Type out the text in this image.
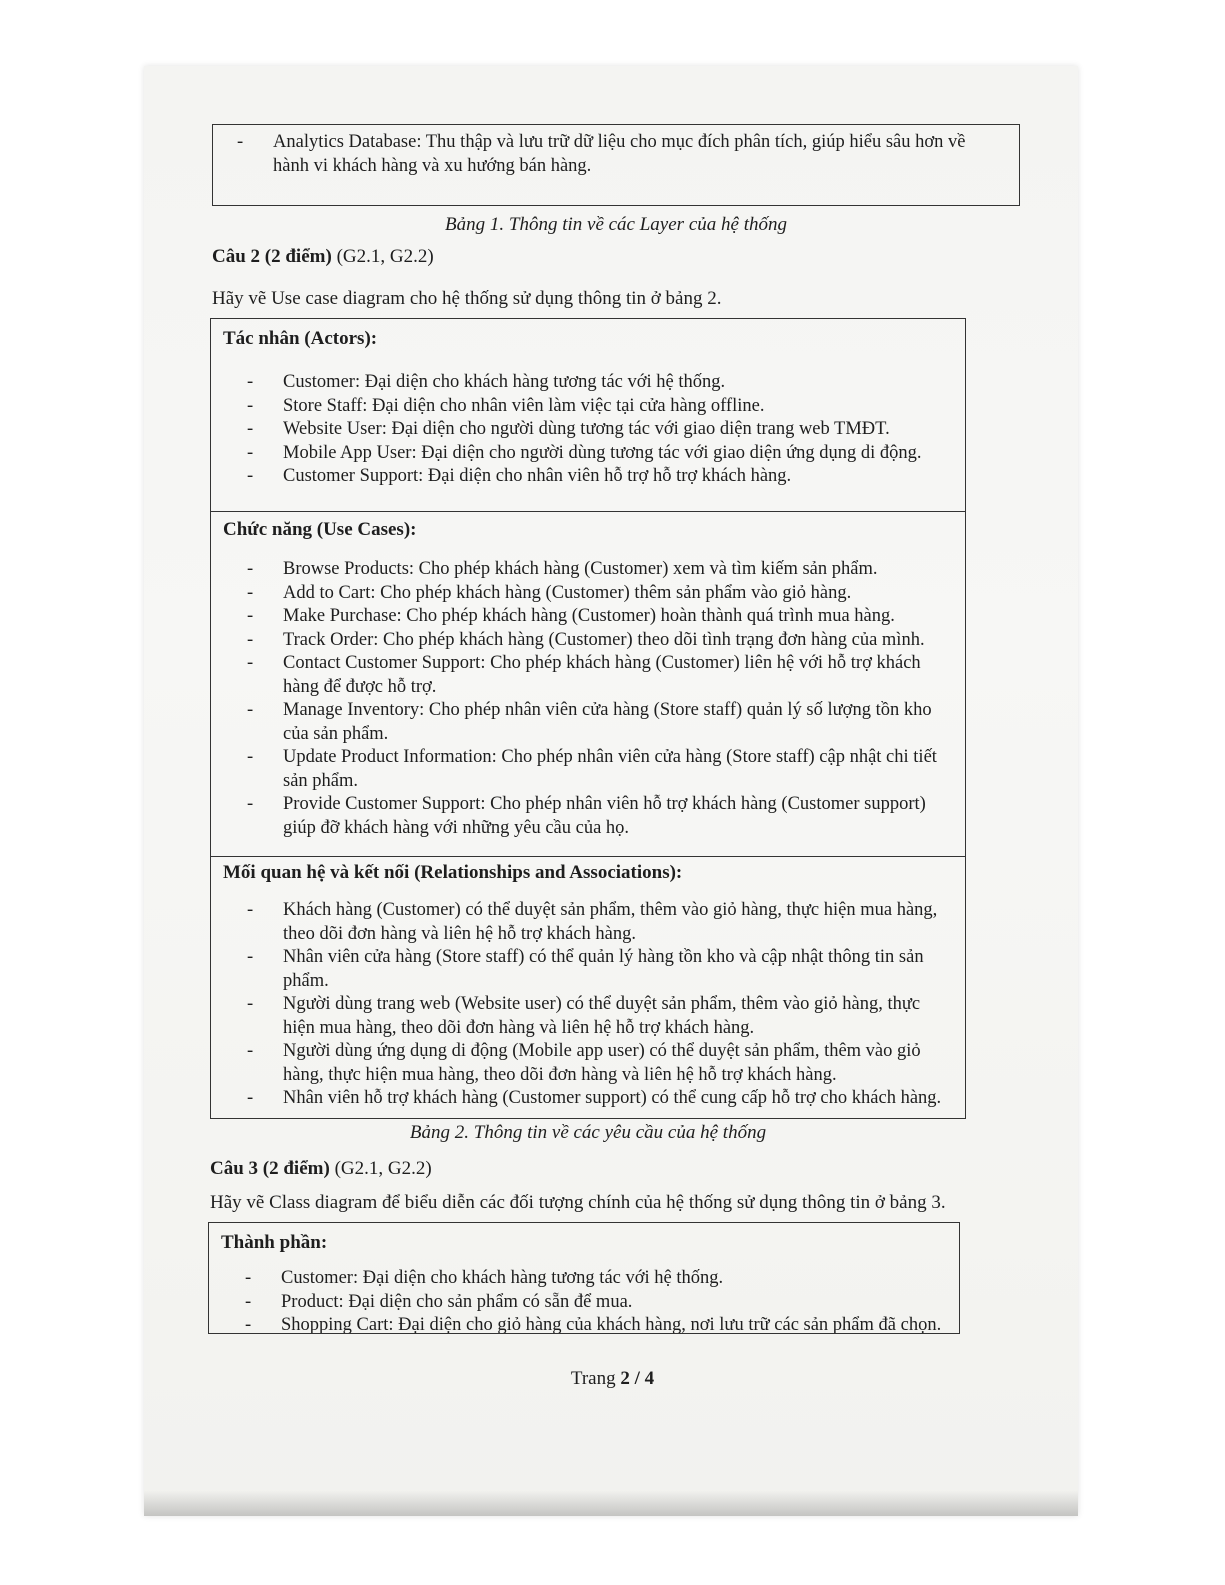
- Analytics Database: Thu thập và lưu trữ dữ liệu cho mục đích phân tích, giúp hiểu sâu hơn về hành vi khách hàng và xu hướng bán hàng.
Bảng 1. Thông tin về các Layer của hệ thống
Câu 2 (2 điểm) (G2.1, G2.2)
Hãy vẽ Use case diagram cho hệ thống sử dụng thông tin ở bảng 2.

Tác nhân (Actors):

- Customer: Đại diện cho khách hàng tương tác với hệ thống.
- Store Staff: Đại diện cho nhân viên làm việc tại cửa hàng offline.
- Website User: Đại diện cho người dùng tương tác với giao diện trang web TMĐT.
- Mobile App User: Đại diện cho người dùng tương tác với giao diện ứng dụng di động.
- Customer Support: Đại diện cho nhân viên hỗ trợ hỗ trợ khách hàng.

Chức năng (Use Cases):

- Browse Products: Cho phép khách hàng (Customer) xem và tìm kiếm sản phẩm.
- Add to Cart: Cho phép khách hàng (Customer) thêm sản phẩm vào giỏ hàng.
- Make Purchase: Cho phép khách hàng (Customer) hoàn thành quá trình mua hàng.
- Track Order: Cho phép khách hàng (Customer) theo dõi tình trạng đơn hàng của mình.
- Contact Customer Support: Cho phép khách hàng (Customer) liên hệ với hỗ trợ khách hàng để được hỗ trợ.
- Manage Inventory: Cho phép nhân viên cửa hàng (Store staff) quản lý số lượng tồn kho của sản phẩm.
- Update Product Information: Cho phép nhân viên cửa hàng (Store staff) cập nhật chi tiết sản phẩm.
- Provide Customer Support: Cho phép nhân viên hỗ trợ khách hàng (Customer support) giúp đỡ khách hàng với những yêu cầu của họ.

Mối quan hệ và kết nối (Relationships and Associations):

- Khách hàng (Customer) có thể duyệt sản phẩm, thêm vào giỏ hàng, thực hiện mua hàng, theo dõi đơn hàng và liên hệ hỗ trợ khách hàng.
- Nhân viên cửa hàng (Store staff) có thể quản lý hàng tồn kho và cập nhật thông tin sản phẩm.
- Người dùng trang web (Website user) có thể duyệt sản phẩm, thêm vào giỏ hàng, thực hiện mua hàng, theo dõi đơn hàng và liên hệ hỗ trợ khách hàng.
- Người dùng ứng dụng di động (Mobile app user) có thể duyệt sản phẩm, thêm vào giỏ hàng, thực hiện mua hàng, theo dõi đơn hàng và liên hệ hỗ trợ khách hàng.
- Nhân viên hỗ trợ khách hàng (Customer support) có thể cung cấp hỗ trợ cho khách hàng.
Bảng 2. Thông tin về các yêu cầu của hệ thống
Câu 3 (2 điểm) (G2.1, G2.2)
Hãy vẽ Class diagram để biểu diễn các đối tượng chính của hệ thống sử dụng thông tin ở bảng 3.

Thành phần:

- Customer: Đại diện cho khách hàng tương tác với hệ thống.
- Product: Đại diện cho sản phẩm có sẵn để mua.
- Shopping Cart: Đại diện cho giỏ hàng của khách hàng, nơi lưu trữ các sản phẩm đã chọn.
Trang 2 / 4
